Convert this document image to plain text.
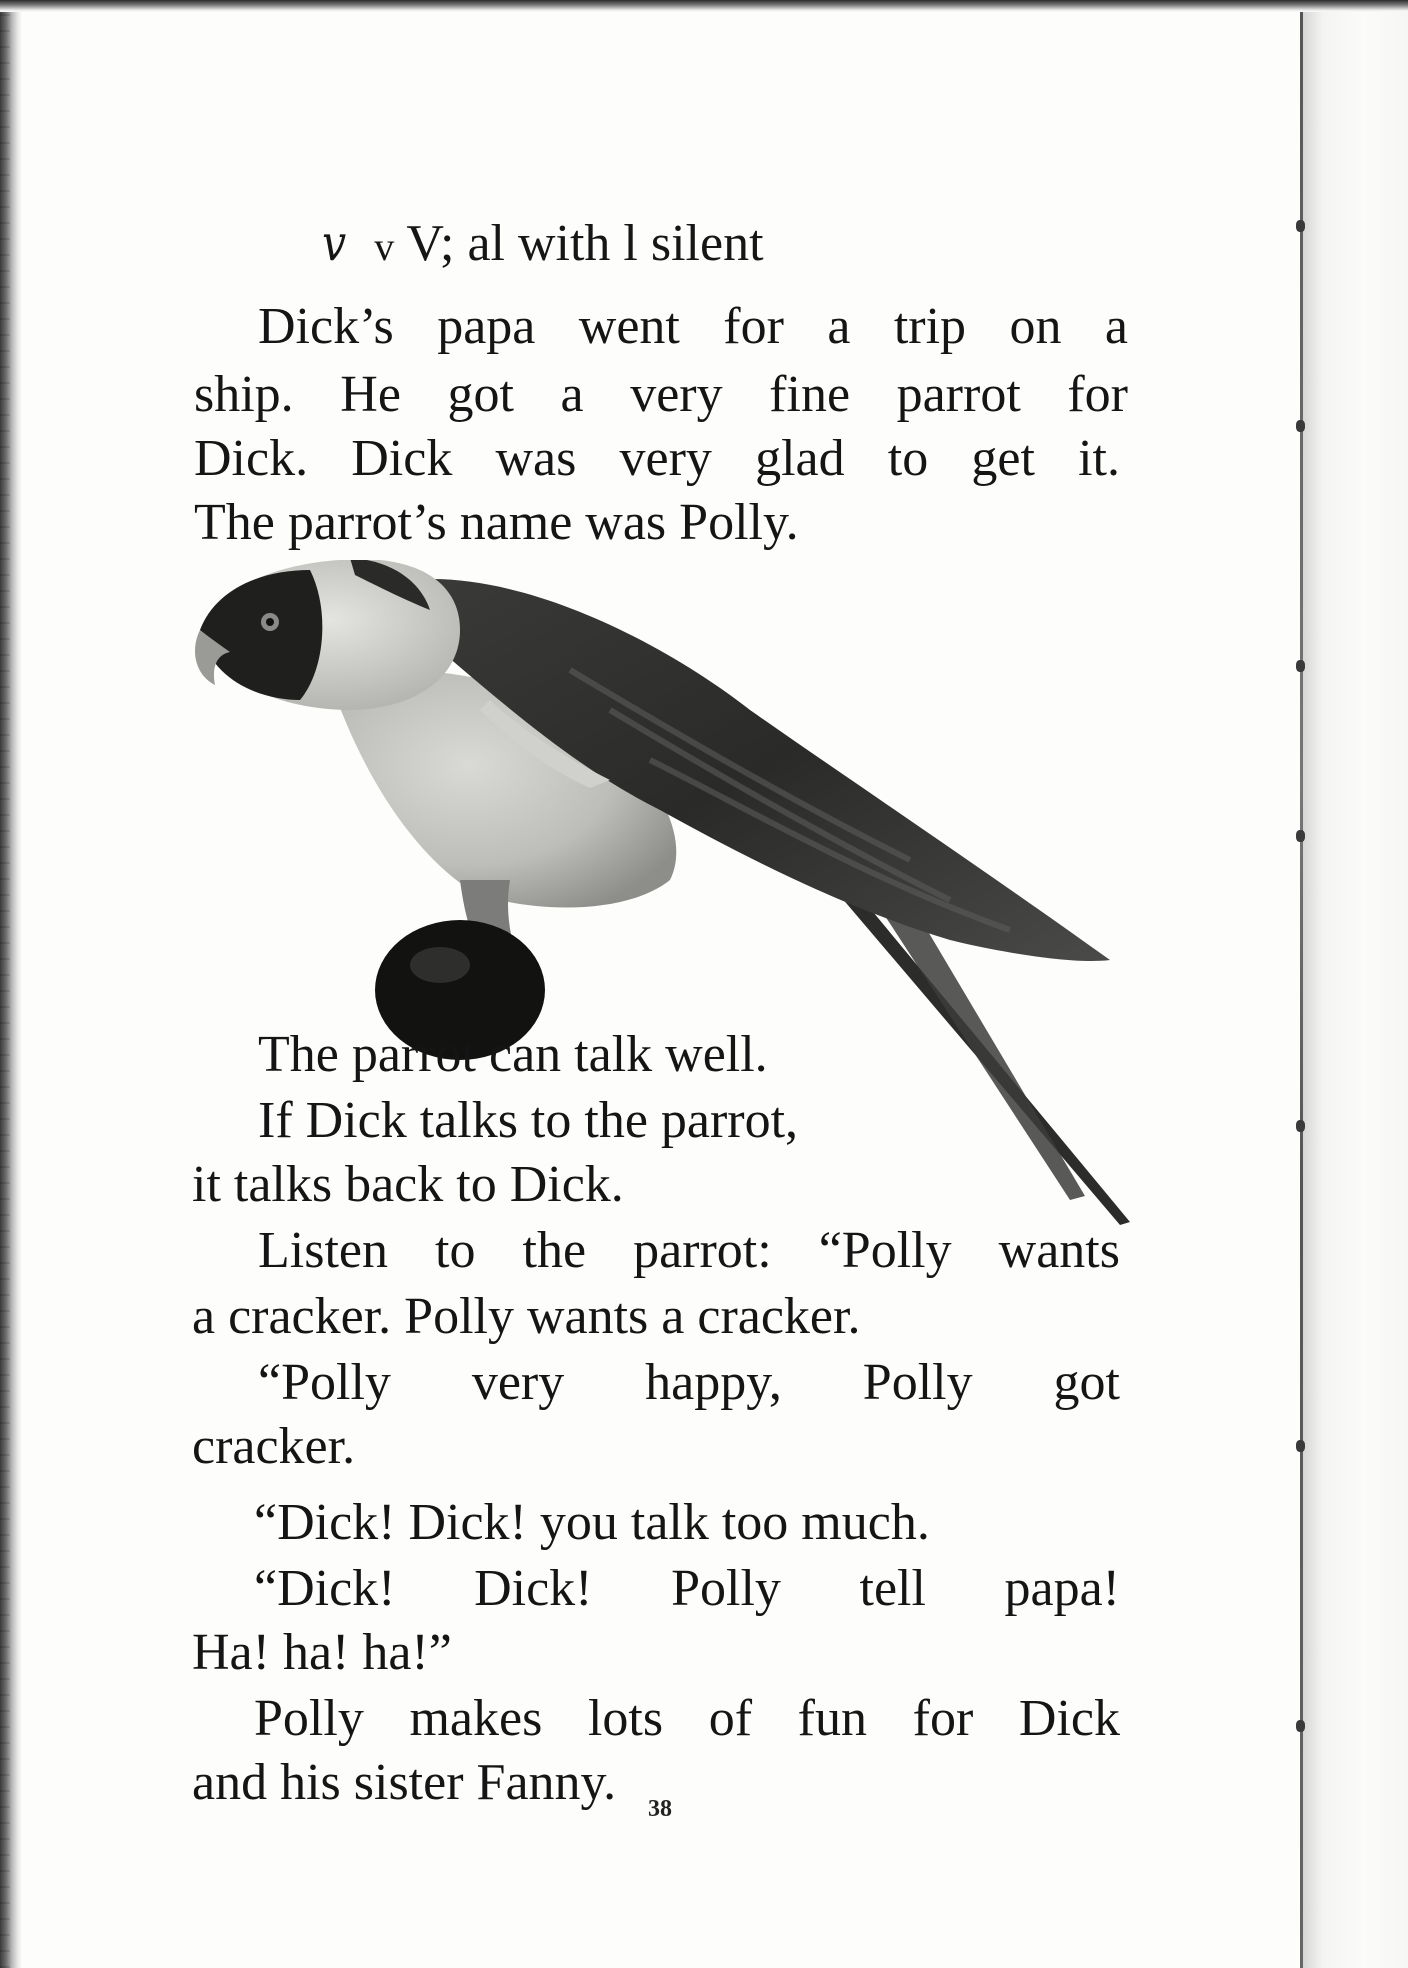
v v V; al with l silent
Dick’s papa went for a trip on a
ship. He got a very fine parrot for
Dick. Dick was very glad to get it.
The parrot’s name was Polly.
The parrot can talk well.
If Dick talks to the parrot,
it talks back to Dick.
Listen to the parrot: “Polly wants
a cracker. Polly wants a cracker.
“Polly very happy, Polly got
cracker.
“Dick! Dick! you talk too much.
“Dick! Dick! Polly tell papa!
Ha! ha! ha!”
Polly makes lots of fun for Dick
and his sister Fanny.	38
